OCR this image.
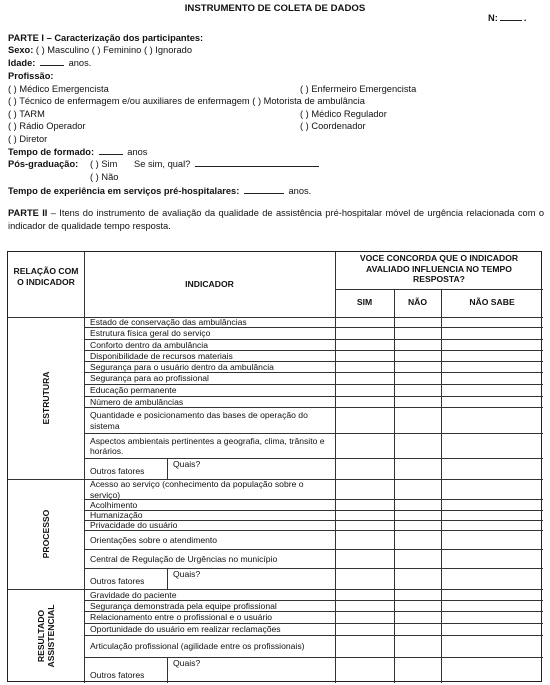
INSTRUMENTO DE COLETA DE DADOS
N:	.
PARTE I – Caracterização dos participantes:
Sexo: ( ) Masculino ( ) Feminino ( ) Ignorado
Idade:	anos.
Profissão:
( ) Médico Emergencista
( ) Técnico de enfermagem e/ou auxiliares de enfermagem ( ) Motorista de ambulância
( ) TARM
( ) Rádio Operador
( ) Diretor
( ) Enfermeiro Emergencista
( ) Médico Regulador
( ) Coordenador
Tempo de formado:	anos
Pós-graduação: ( ) Sim Se sim, qual?
( ) Não
Tempo de experiência em serviços pré-hospitalares:	anos.
PARTE II – Itens do instrumento de avaliação da qualidade de assistência pré-hospitalar móvel de urgência relacionada com o indicador de qualidade tempo resposta.
RELAÇÃO COM O INDICADOR	INDICADOR
VOCE CONCORDA QUE O INDICADOR AVALIADO INFLUENCIA NO TEMPO RESPOSTA?
SIM	NÃO	NÃO SABE
ESTRUTURA
Estado de conservação das ambulâncias
Estrutura física geral do serviço
Conforto dentro da ambulância
Disponibilidade de recursos materiais
Segurança para o usuário dentro da ambulância
Segurança para ao profissional
Educação permanente
Número de ambulâncias
Quantidade e posicionamento das bases de operação do sistema
Aspectos ambientais pertinentes a geografia, clima, trânsito e horários.
Outros fatores
Quais?
PROCESSO
Acesso ao serviço (conhecimento da população sobre o serviço)
Acolhimento
Humanização
Privacidade do usuário
Orientações sobre o atendimento
Central de Regulação de Urgências no município
Outros fatores
Quais?
RESULTADO ASSISTENCIAL
Gravidade do paciente
Segurança demonstrada pela equipe profissional
Relacionamento entre o profissional e o usuário
Oportunidade do usuário em realizar reclamações
Articulação profissional (agilidade entre os profissionais)
Outros fatores
Quais?
